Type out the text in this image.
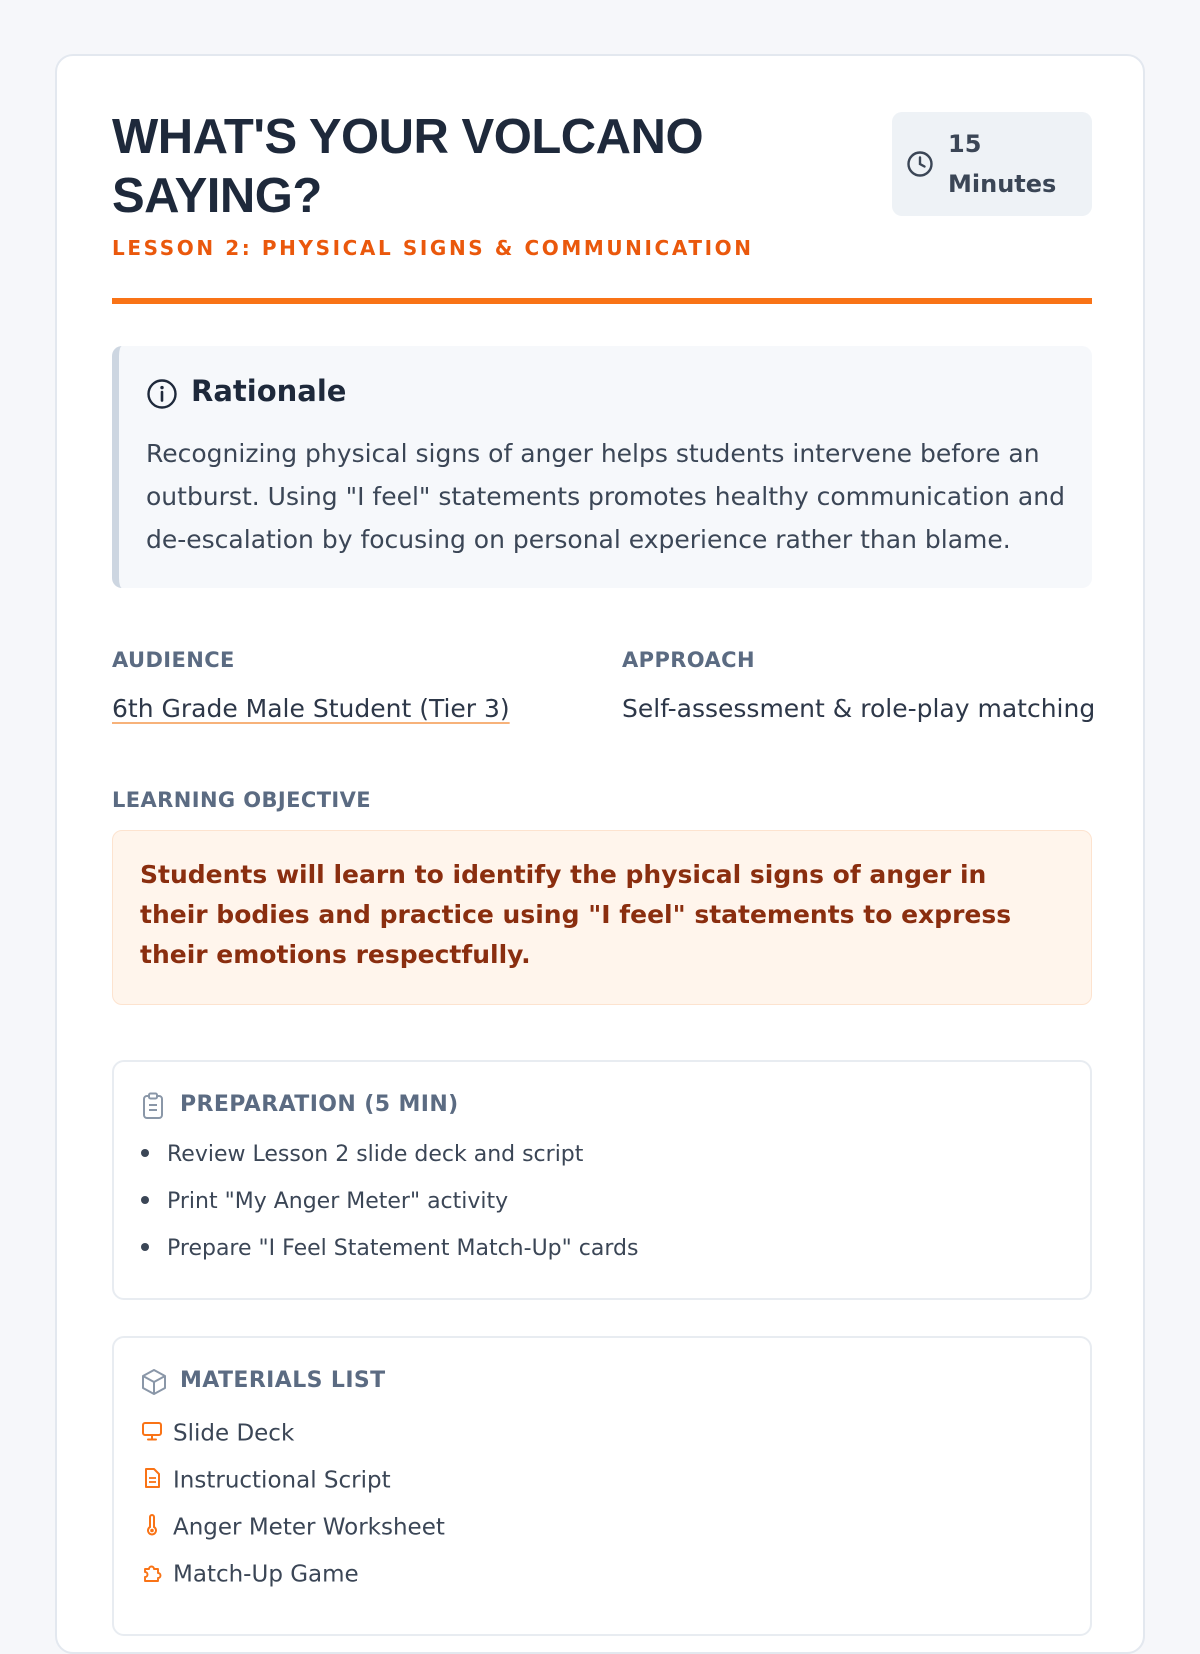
WHAT'S YOUR VOLCANO SAYING?
LESSON 2: PHYSICAL SIGNS & COMMUNICATION
15
Minutes
Rationale
Recognizing physical signs of anger helps students intervene before an outburst. Using "I feel" statements promotes healthy communication and de-escalation by focusing on personal experience rather than blame.
AUDIENCE
6th Grade Male Student (Tier 3)
APPROACH
Self-assessment & role-play matching
LEARNING OBJECTIVE
Students will learn to identify the physical signs of anger in their bodies and practice using "I feel" statements to express their emotions respectfully.
PREPARATION (5 MIN)
Review Lesson 2 slide deck and script
Print "My Anger Meter" activity
Prepare "I Feel Statement Match-Up" cards
MATERIALS LIST
Slide Deck
Instructional Script
Anger Meter Worksheet
Match-Up Game
